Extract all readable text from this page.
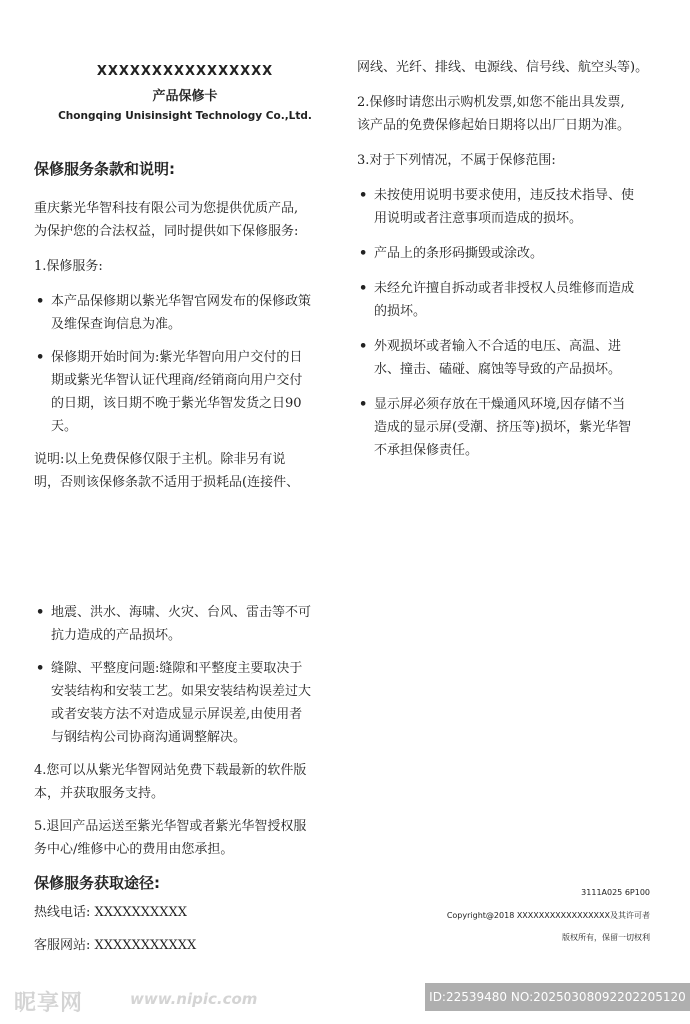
XXXXXXXXXXXXXXXX
产品保修卡
Chongqing Unisinsight Technology Co.,Ltd.

保修服务条款和说明:

重庆紫光华智科技有限公司为您提供优质产品,

为保护您的合法权益，同时提供如下保修服务:

1.保修服务:

• 本产品保修期以紫光华智官网发布的保修政策

及维保查询信息为准。

• 保修期开始时间为:紫光华智向用户交付的日

期或紫光华智认证代理商/经销商向用户交付

的日期，该日期不晚于紫光华智发货之日90

天。

说明:以上免费保修仅限于主机。除非另有说

明，否则该保修条款不适用于损耗品(连接件、

网线、光纤、排线、电源线、信号线、航空头等)。

2.保修时请您出示购机发票,如您不能出具发票,

该产品的免费保修起始日期将以出厂日期为准。

3.对于下列情况，不属于保修范围:

• 未按使用说明书要求使用，违反技术指导、使

用说明或者注意事项而造成的损坏。

• 产品上的条形码撕毁或涂改。

• 未经允许擅自拆动或者非授权人员维修而造成

的损坏。

• 外观损坏或者输入不合适的电压、高温、进

水、撞击、磕碰、腐蚀等导致的产品损坏。

• 显示屏必须存放在干燥通风环境,因存储不当

造成的显示屏(受潮、挤压等)损坏，紫光华智

不承担保修责任。

• 地震、洪水、海啸、火灾、台风、雷击等不可

抗力造成的产品损坏。

• 缝隙、平整度问题:缝隙和平整度主要取决于

安装结构和安装工艺。如果安装结构误差过大

或者安装方法不对造成显示屏误差,由使用者

与钢结构公司协商沟通调整解决。

4.您可以从紫光华智网站免费下载最新的软件版

本，并获取服务支持。

5.退回产品运送至紫光华智或者紫光华智授权服

务中心/维修中心的费用由您承担。

保修服务获取途径:

热线电话: XXXXXXXXXX

客服网站: XXXXXXXXXXX

3111A025 6P100
Copyright@2018 XXXXXXXXXXXXXXXXX及其许可者
版权所有，保留一切权利
昵享网	www.nipic.com	ID:22539480 NO:20250308092202205120
